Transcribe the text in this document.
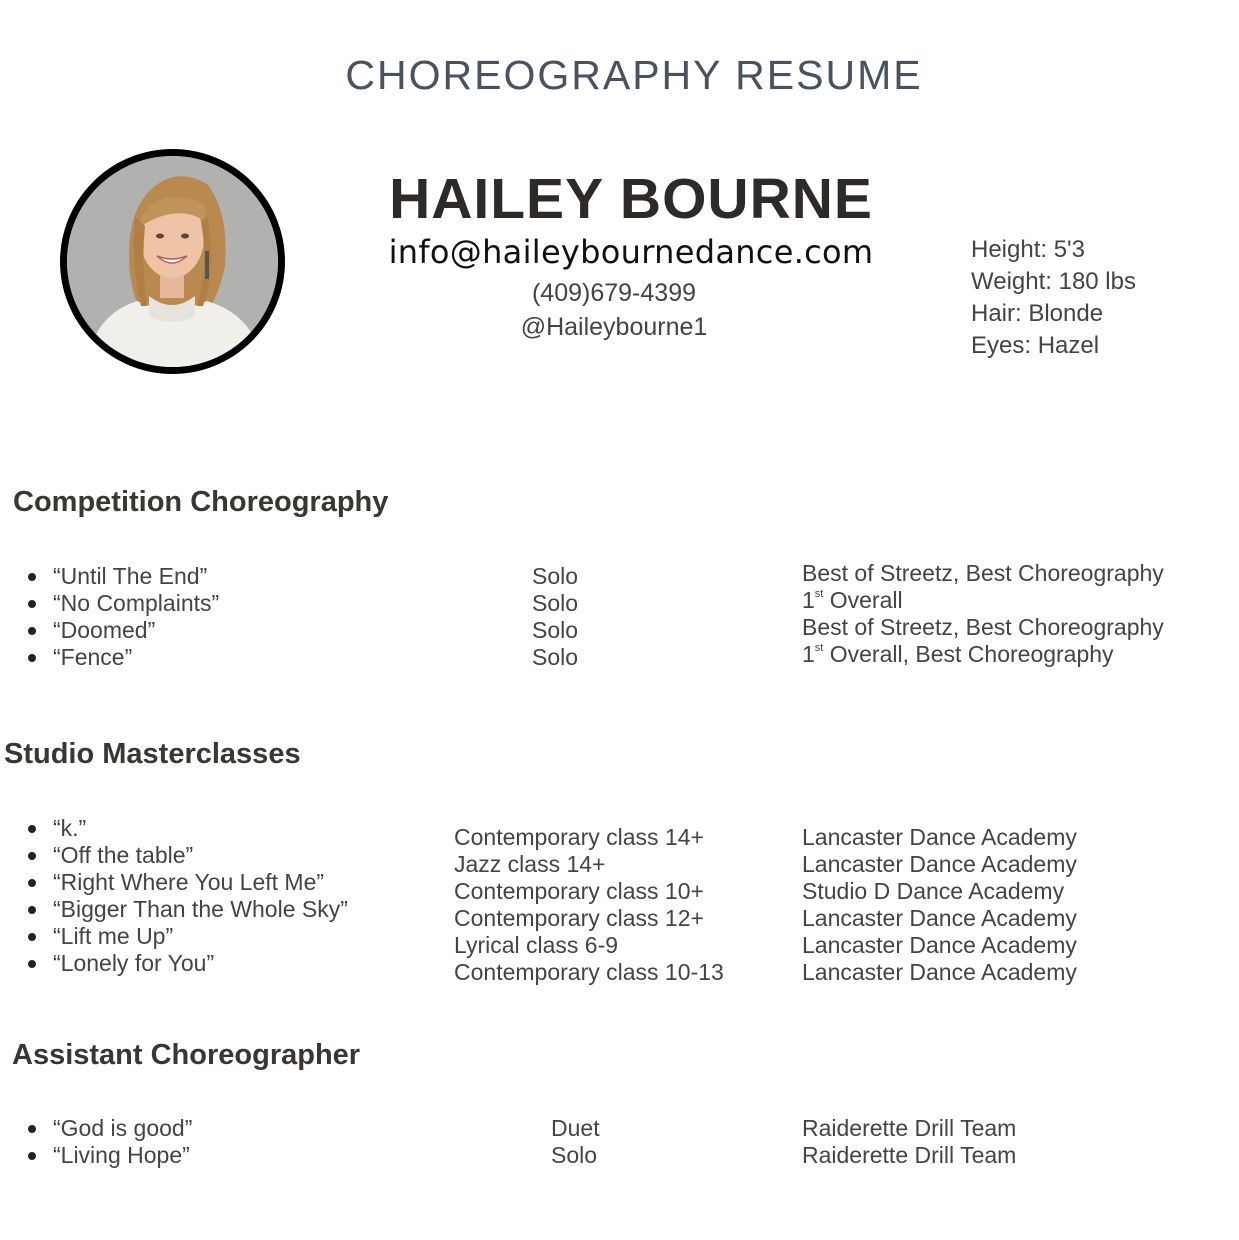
CHOREOGRAPHY RESUME
HAILEY BOURNE
info@haileybournedance.com
(409)679-4399
@Haileybourne1
Height: 5'3
Weight: 180 lbs
Hair: Blonde
Eyes: Hazel
Competition Choreography
“Until The End”
“No Complaints”
“Doomed”
“Fence”
Solo
Solo
Solo
Solo
Best of Streetz, Best Choreography
1st Overall
Best of Streetz, Best Choreography
1st Overall, Best Choreography
Studio Masterclasses
“k.”
“Off the table”
“Right Where You Left Me”
“Bigger Than the Whole Sky”
“Lift me Up”
“Lonely for You”
Contemporary class 14+
Jazz class 14+
Contemporary class 10+
Contemporary class 12+
Lyrical class 6-9
Contemporary class 10-13
Lancaster Dance Academy
Lancaster Dance Academy
Studio D Dance Academy
Lancaster Dance Academy
Lancaster Dance Academy
Lancaster Dance Academy
Assistant Choreographer
“God is good”
“Living Hope”
Duet
Solo
Raiderette Drill Team
Raiderette Drill Team
